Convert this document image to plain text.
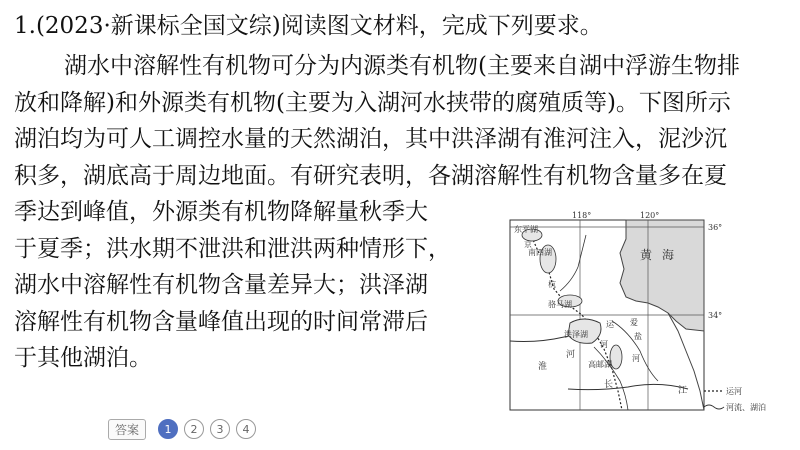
1.(2023·新课标全国文综)阅读图文材料，完成下列要求。
湖水中溶解性有机物可分为内源类有机物(主要来自湖中浮游生物排
放和降解)和外源类有机物(主要为入湖河水挟带的腐殖质等)。下图所示
湖泊均为可人工调控水量的天然湖泊，其中洪泽湖有淮河注入，泥沙沉
积多，湖底高于周边地面。有研究表明，各湖溶解性有机物含量多在夏
季达到峰值，外源类有机物降解量秋季大
于夏季；洪水期不泄洪和泄洪两种情形下，
湖水中溶解性有机物含量差异大；洪泽湖
溶解性有机物含量峰值出现的时间常滞后
于其他湖泊。
118°	120°
36°
34°
东平湖
京
南四湖
杭
骆马湖
洪泽湖
黄 海
运 爱
盐
淮
河
河
河
高邮湖
长
江	运河
河流、湖泊
答案	1	2	3	4
